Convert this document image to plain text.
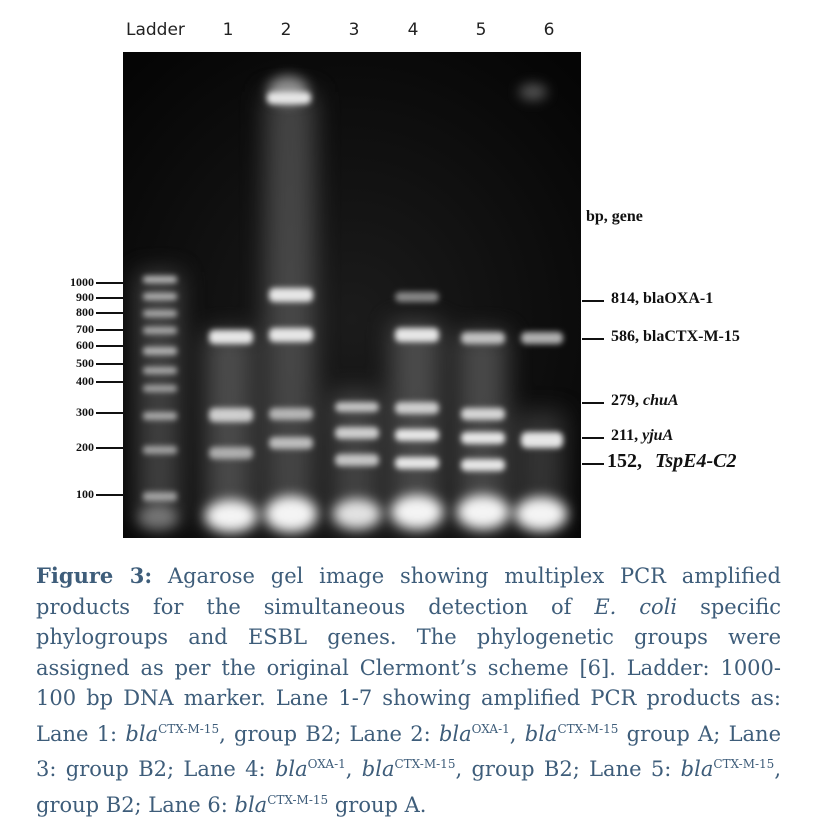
Ladder	1	2	3	4	5	6
1000
900
800
700
600
500
400
300
200
100
bp, gene
814, blaOXA-1
586, blaCTX-M-15
279, chuA
211, yjuA
152, TspE4-C2
Figure 3: Agarose gel image showing multiplex PCR amplified products for the simultaneous detection of E. coli specific phylogroups and ESBL genes. The phylogenetic groups were assigned as per the original Clermont’s scheme [6]. Ladder: 1000-100 bp DNA marker. Lane 1-7 showing amplified PCR products as: Lane 1: bla$^{CTX-M-15}$, group B2; Lane 2: bla$^{OXA-1}$, bla$^{CTX-M-15}$ group A; Lane 3: group B2; Lane 4: bla$^{OXA-1}$, bla$^{CTX-M-15}$, group B2; Lane 5: bla$^{CTX-M-15}$, group B2; Lane 6: bla$^{CTX-M-15}$ group A.
